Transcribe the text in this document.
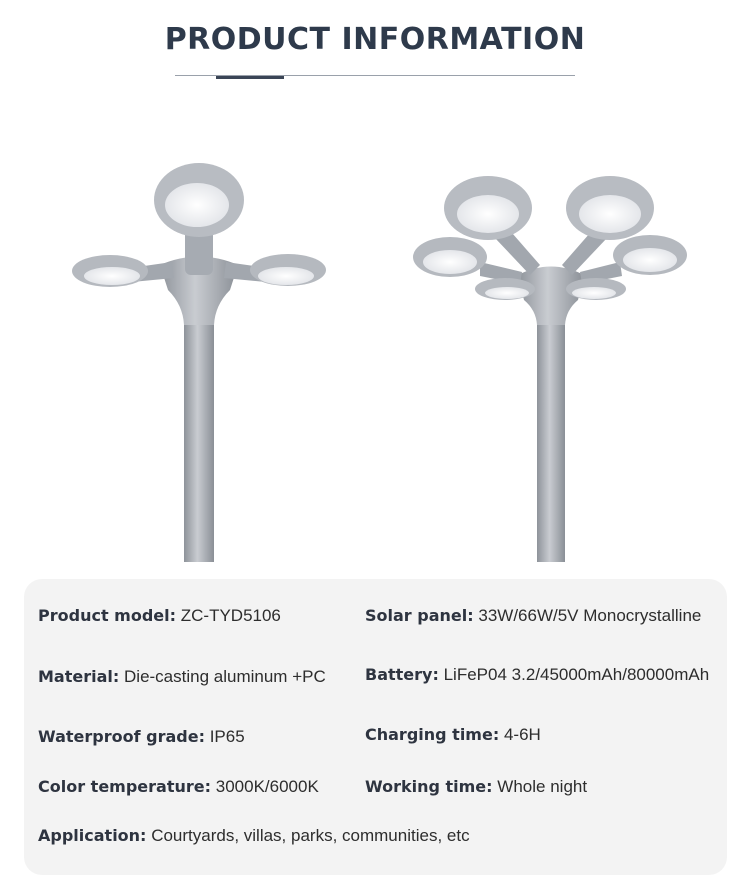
PRODUCT INFORMATION
Product model: ZC-TYD5106	Solar panel: 33W/66W/5V Monocrystalline
Material: Die-casting aluminum +PC Battery: LiFeP04 3.2/45000mAh/80000mAh
Waterproof grade: IP65	Charging time: 4-6H
Color temperature: 3000K/6000K	Working time: Whole night
Application: Courtyards, villas, parks, communities, etc
